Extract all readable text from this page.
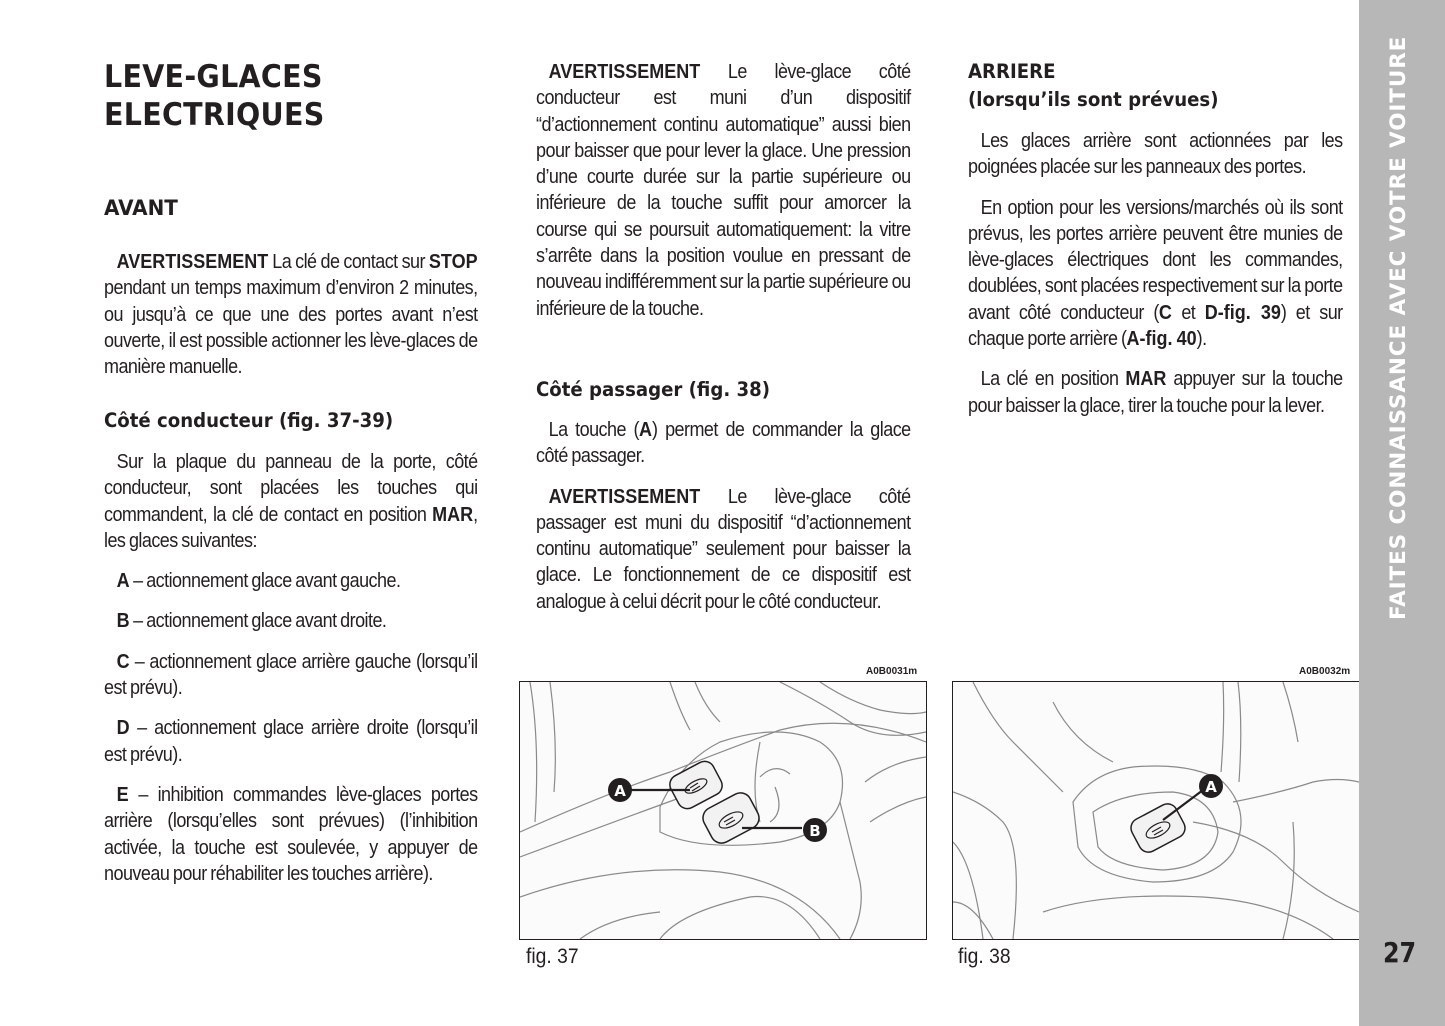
LEVE-GLACES
ELECTRIQUES
AVANT

AVERTISSEMENT La clé de contact sur STOP pendant un temps maximum d’environ 2 minutes, ou jusqu’à ce que une des portes avant n’est ouverte, il est possible actionner les lève-glaces de manière manuelle.

Côté conducteur (fig. 37-39)

Sur la plaque du panneau de la porte, côté conducteur, sont placées les touches qui commandent, la clé de contact en position MAR, les glaces suivantes:

A – actionnement glace avant gauche.

B – actionnement glace avant droite.

C – actionnement glace arrière gauche (lorsqu’il est prévu).

D – actionnement glace arrière droite (lorsqu’il est prévu).

E – inhibition commandes lève-glaces portes arrière (lorsqu’elles sont prévues) (l’inhibition activée, la touche est soulevée, y appuyer de nouveau pour réhabiliter les touches arrière).

AVERTISSEMENT Le lève-glace côté conducteur est muni d’un dispositif “d’actionnement continu automatique” aussi bien pour baisser que pour lever la glace. Une pression d’une courte durée sur la partie supérieure ou inférieure de la touche suffit pour amorcer la course qui se poursuit automatiquement: la vitre s’arrête dans la position voulue en pressant de nouveau indifféremment sur la partie supérieure ou inférieure de la touche.

Côté passager (fig. 38)

La touche (A) permet de commander la glace côté passager.

AVERTISSEMENT Le lève-glace côté passager est muni du dispositif “d’actionnement continu automatique” seulement pour baisser la glace. Le fonctionnement de ce dispositif est analogue à celui décrit pour le côté conducteur.

ARRIERE
(lorsqu’ils sont prévues)

Les glaces arrière sont actionnées par les poignées placée sur les panneaux des portes.

En option pour les versions/marchés où ils sont prévus, les portes arrière peuvent être munies de lève-glaces électriques dont les commandes, doublées, sont placées respectivement sur la porte avant côté conducteur (C et D-fig. 39) et sur chaque porte arrière (A-fig. 40).

La clé en position MAR appuyer sur la touche pour baisser la glace, tirer la touche pour la lever.

A0B0031m
A
B
fig. 37
A0B0032m
A
fig. 38
FAITES CONNAISSANCE AVEC VOTRE VOITURE
27
